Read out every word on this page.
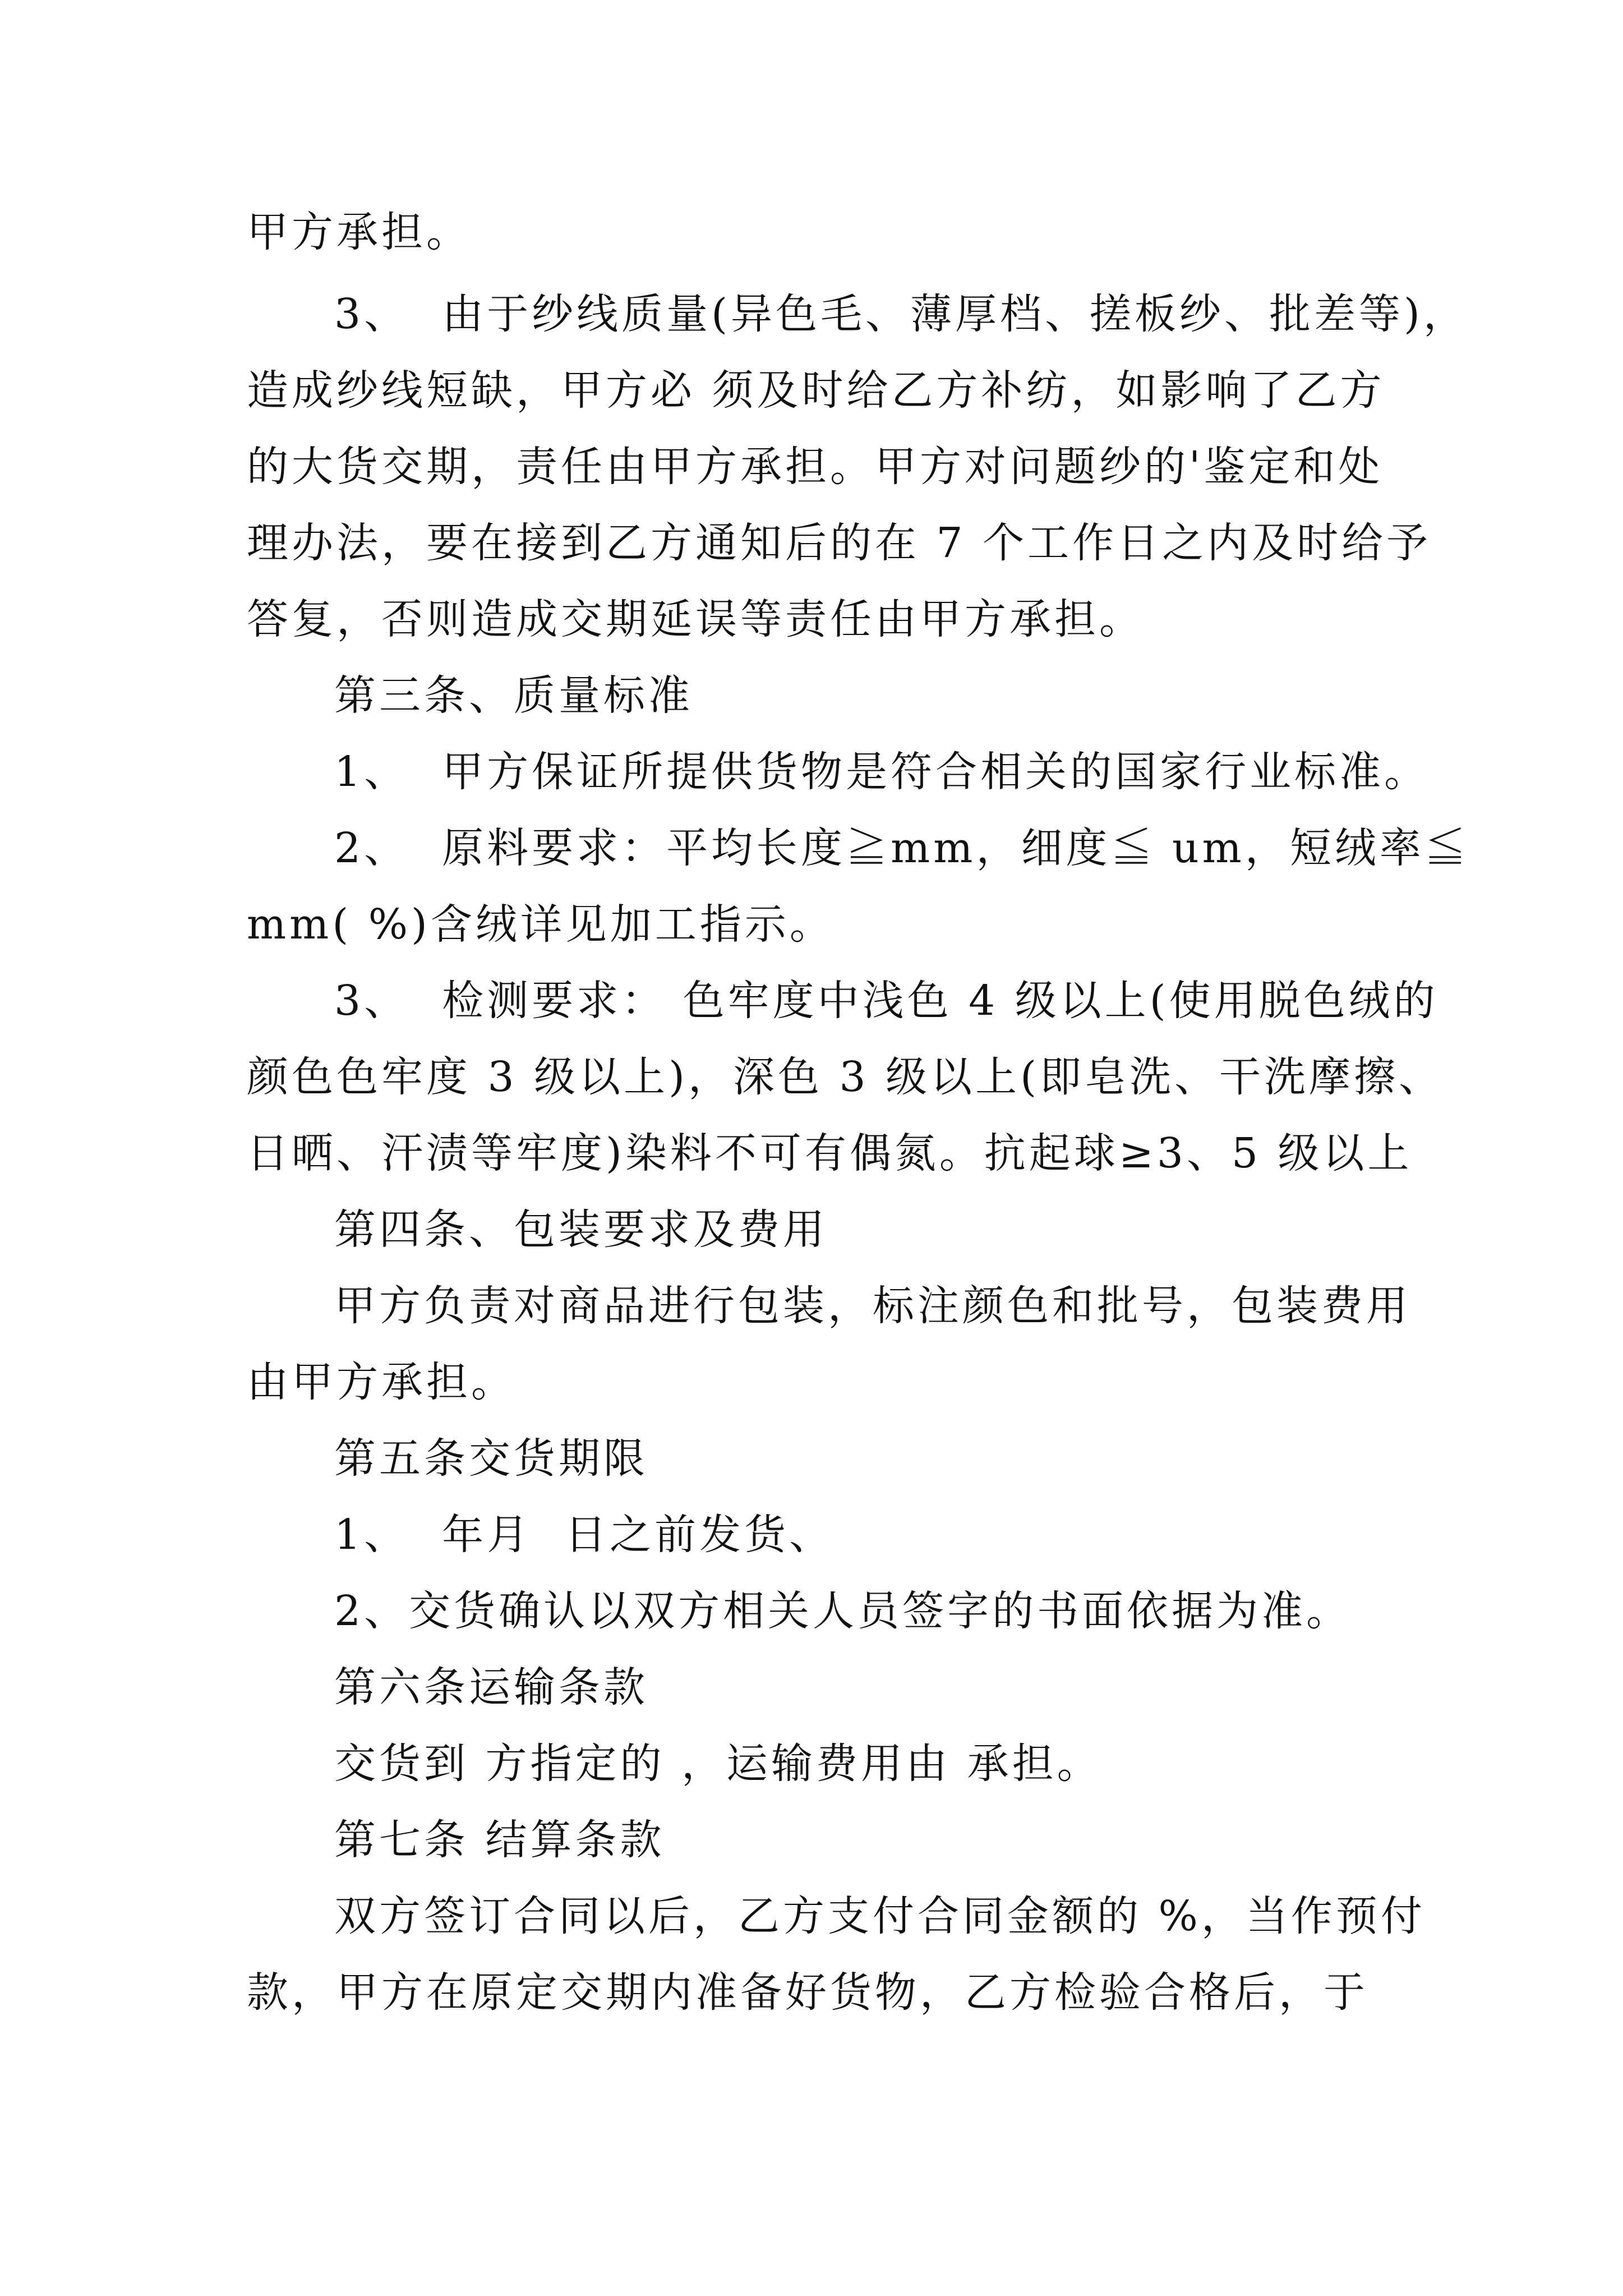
甲方承担。
3、  由于纱线质量(异色毛、薄厚档、搓板纱、批差等)，
造成纱线短缺，甲方必 须及时给乙方补纺，如影响了乙方
的大货交期，责任由甲方承担。甲方对问题纱的'鉴定和处
理办法，要在接到乙方通知后的在 7 个工作日之内及时给予
答复，否则造成交期延误等责任由甲方承担。
第三条、质量标准
1、  甲方保证所提供货物是符合相关的国家行业标准。
2、  原料要求：平均长度≧mm，细度≦ um，短绒率≦
mm( %)含绒详见加工指示。
3、  检测要求： 色牢度中浅色 4 级以上(使用脱色绒的
颜色色牢度 3 级以上)，深色 3 级以上(即皂洗、干洗摩擦、
日晒、汗渍等牢度)染料不可有偶氮。抗起球≥3、5 级以上
第四条、包装要求及费用
甲方负责对商品进行包装，标注颜色和批号，包装费用
由甲方承担。
第五条交货期限
1、  年月  日之前发货、
2、交货确认以双方相关人员签字的书面依据为准。
第六条运输条款
交货到 方指定的 ，运输费用由 承担。
第七条 结算条款
双方签订合同以后，乙方支付合同金额的 %，当作预付
款，甲方在原定交期内准备好货物，乙方检验合格后，于
